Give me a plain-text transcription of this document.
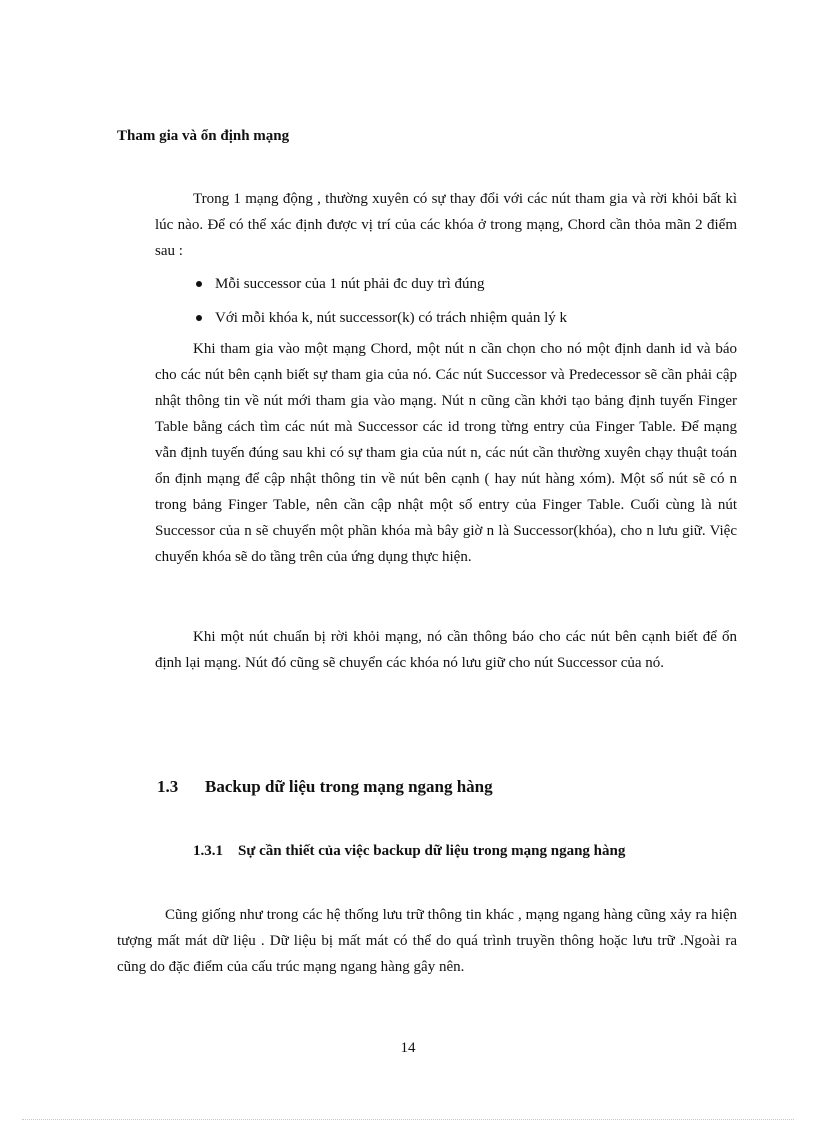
Tham gia và ổn định mạng

Trong 1 mạng động , thường xuyên có sự thay đổi với các nút tham gia và rời khỏi bất kì lúc nào. Để có thể xác định được vị trí của các khóa ở trong mạng, Chord cần thỏa mãn 2 điểm sau :

Mỗi successor của 1 nút phải đc duy trì đúng
Với mỗi khóa k, nút successor(k) có trách nhiệm quản lý k

Khi tham gia vào một mạng Chord, một nút n cần chọn cho nó một định danh id và báo cho các nút bên cạnh biết sự tham gia của nó. Các nút Successor và Predecessor sẽ cần phải cập nhật thông tin về nút mới tham gia vào mạng. Nút n cũng cần khởi tạo bảng định tuyến Finger Table bằng cách tìm các nút mà Successor các id trong từng entry của Finger Table. Để mạng vẫn định tuyến đúng sau khi có sự tham gia của nút n, các nút cần thường xuyên chạy thuật toán ổn định mạng để cập nhật thông tin về nút bên cạnh ( hay nút hàng xóm). Một số nút sẽ có n trong bảng Finger Table, nên cần cập nhật một số entry của Finger Table. Cuối cùng là nút Successor của n sẽ chuyển một phần khóa mà bây giờ n là Successor(khóa), cho n lưu giữ. Việc chuyển khóa sẽ do tầng trên của ứng dụng thực hiện.

Khi một nút chuẩn bị rời khỏi mạng, nó cần thông báo cho các nút bên cạnh biết để ổn định lại mạng. Nút đó cũng sẽ chuyển các khóa nó lưu giữ cho nút Successor của nó.

1.3 Backup dữ liệu trong mạng ngang hàng
1.3.1 Sự cần thiết của việc backup dữ liệu trong mạng ngang hàng

Cũng giống như trong các hệ thống lưu trữ thông tin khác , mạng ngang hàng cũng xảy ra hiện tượng mất mát dữ liệu . Dữ liệu bị mất mát có thể do quá trình truyền thông hoặc lưu trữ .Ngoài ra cũng do đặc điểm của cấu trúc mạng ngang hàng gây nên.

14
